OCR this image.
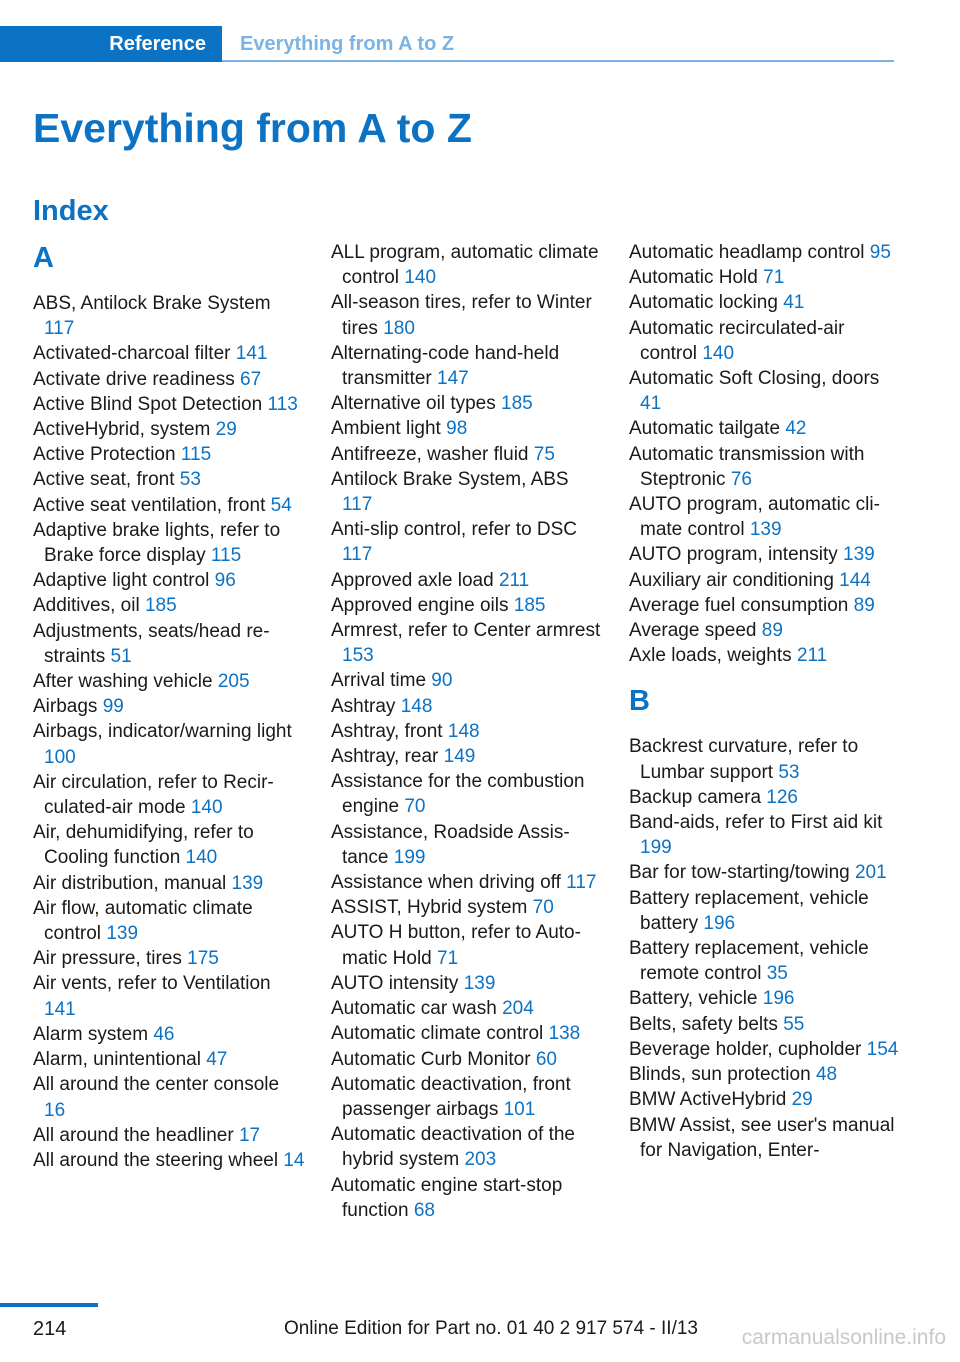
Reference Everything from A to Z
Everything from A to Z
Index
A
ABS, Antilock Brake System 117
Activated-charcoal filter 141
Activate drive readiness 67
Active Blind Spot Detection 113
ActiveHybrid, system 29
Active Protection 115
Active seat, front 53
Active seat ventilation, front 54
Adaptive brake lights, refer to Brake force display 115
Adaptive light control 96
Additives, oil 185
Adjustments, seats/head restraints 51
After washing vehicle 205
Airbags 99
Airbags, indicator/warning light 100
Air circulation, refer to Recirculated-air mode 140
Air, dehumidifying, refer to Cooling function 140
Air distribution, manual 139
Air flow, automatic climate control 139
Air pressure, tires 175
Air vents, refer to Ventilation 141
Alarm system 46
Alarm, unintentional 47
All around the center console 16
All around the headliner 17
All around the steering wheel 14
ALL program, automatic climate control 140
All-season tires, refer to Winter tires 180
Alternating-code hand-held transmitter 147
Alternative oil types 185
Ambient light 98
Antifreeze, washer fluid 75
Antilock Brake System, ABS 117
Anti-slip control, refer to DSC 117
Approved axle load 211
Approved engine oils 185
Armrest, refer to Center armrest 153
Arrival time 90
Ashtray 148
Ashtray, front 148
Ashtray, rear 149
Assistance for the combustion engine 70
Assistance, Roadside Assistance 199
Assistance when driving off 117
ASSIST, Hybrid system 70
AUTO H button, refer to Automatic Hold 71
AUTO intensity 139
Automatic car wash 204
Automatic climate control 138
Automatic Curb Monitor 60
Automatic deactivation, front passenger airbags 101
Automatic deactivation of the hybrid system 203
Automatic engine start-stop function 68
Automatic headlamp control 95
Automatic Hold 71
Automatic locking 41
Automatic recirculated-air control 140
Automatic Soft Closing, doors 41
Automatic tailgate 42
Automatic transmission with Steptronic 76
AUTO program, automatic climate control 139
AUTO program, intensity 139
Auxiliary air conditioning 144
Average fuel consumption 89
Average speed 89
Axle loads, weights 211
B
Backrest curvature, refer to Lumbar support 53
Backup camera 126
Band-aids, refer to First aid kit 199
Bar for tow-starting/towing 201
Battery replacement, vehicle battery 196
Battery replacement, vehicle remote control 35
Battery, vehicle 196
Belts, safety belts 55
Beverage holder, cupholder 154
Blinds, sun protection 48
BMW ActiveHybrid 29
BMW Assist, see user's manual for Navigation, Enter-
214	Online Edition for Part no. 01 40 2 917 574 - II/13 carmanualsonline.info
